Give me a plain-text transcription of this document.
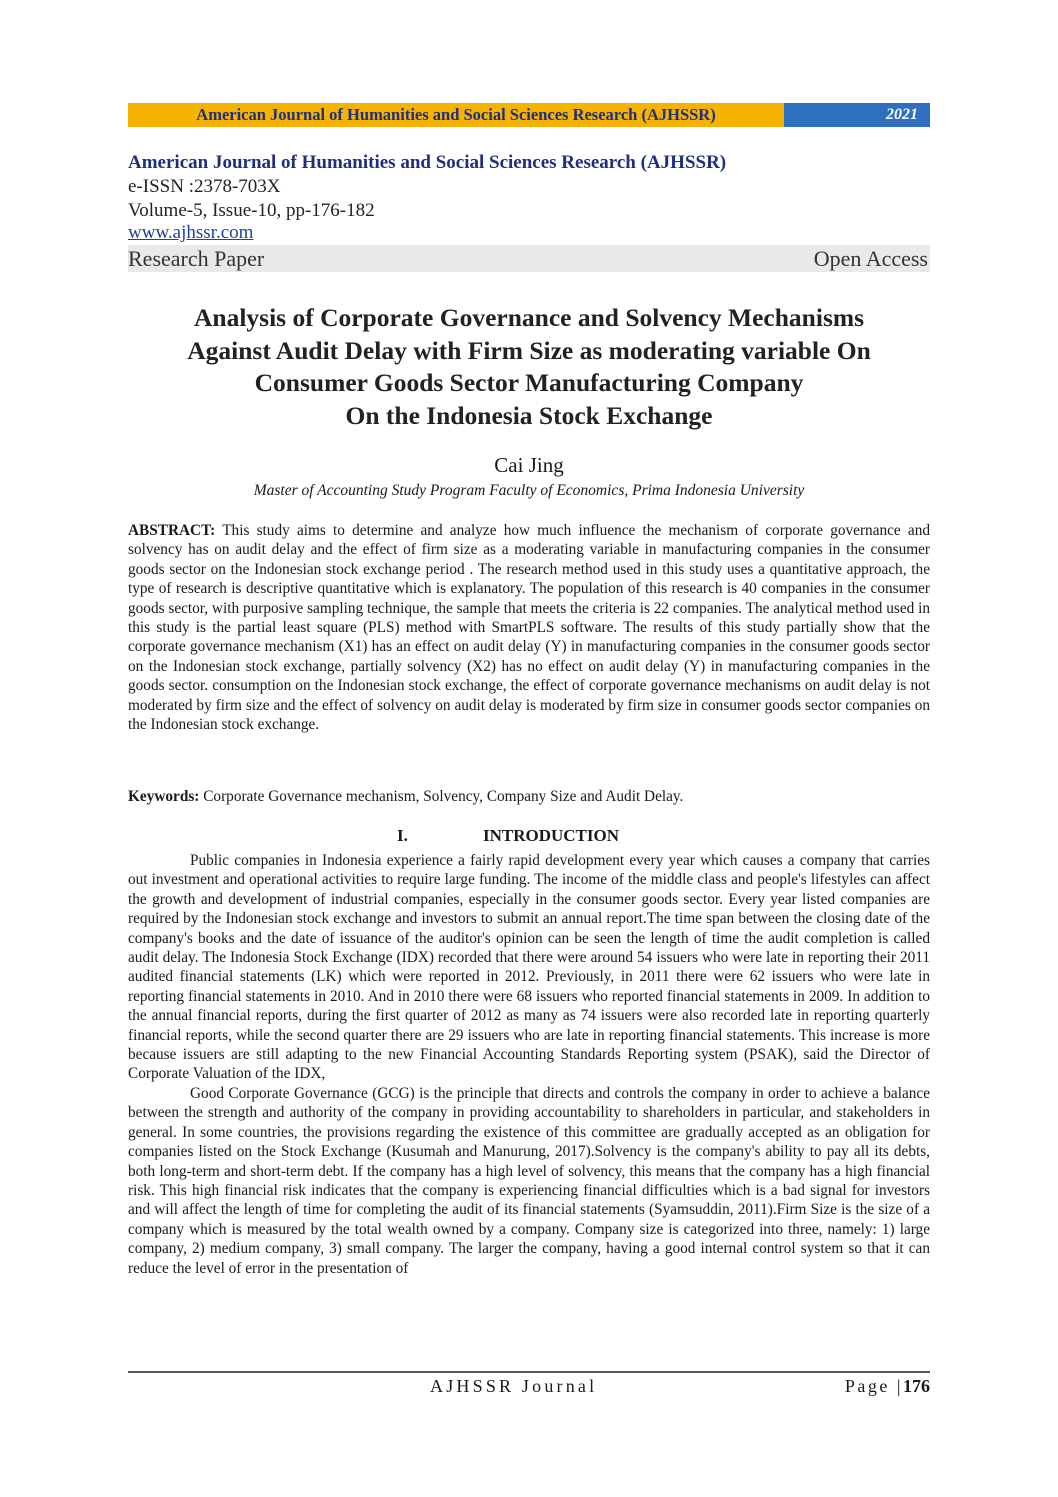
American Journal of Humanities and Social Sciences Research (AJHSSR)	2021
American Journal of Humanities and Social Sciences Research (AJHSSR)
e-ISSN :2378-703X
Volume-5, Issue-10, pp-176-182
www.ajhssr.com
Research Paper	Open Access
Analysis of Corporate Governance and Solvency Mechanisms
Against Audit Delay with Firm Size as moderating variable On
Consumer Goods Sector Manufacturing Company
On the Indonesia Stock Exchange
Cai Jing
Master of Accounting Study Program Faculty of Economics, Prima Indonesia University
ABSTRACT: This study aims to determine and analyze how much influence the mechanism of corporate governance and solvency has on audit delay and the effect of firm size as a moderating variable in manufacturing companies in the consumer goods sector on the Indonesian stock exchange period . The research method used in this study uses a quantitative approach, the type of research is descriptive quantitative which is explanatory. The population of this research is 40 companies in the consumer goods sector, with purposive sampling technique, the sample that meets the criteria is 22 companies. The analytical method used in this study is the partial least square (PLS) method with SmartPLS software. The results of this study partially show that the corporate governance mechanism (X1) has an effect on audit delay (Y) in manufacturing companies in the consumer goods sector on the Indonesian stock exchange, partially solvency (X2) has no effect on audit delay (Y) in manufacturing companies in the goods sector. consumption on the Indonesian stock exchange, the effect of corporate governance mechanisms on audit delay is not moderated by firm size and the effect of solvency on audit delay is moderated by firm size in consumer goods sector companies on the Indonesian stock exchange.
Keywords: Corporate Governance mechanism, Solvency, Company Size and Audit Delay.
I.	INTRODUCTION

Public companies in Indonesia experience a fairly rapid development every year which causes a company that carries out investment and operational activities to require large funding. The income of the middle class and people's lifestyles can affect the growth and development of industrial companies, especially in the consumer goods sector. Every year listed companies are required by the Indonesian stock exchange and investors to submit an annual report.The time span between the closing date of the company's books and the date of issuance of the auditor's opinion can be seen the length of time the audit completion is called audit delay. The Indonesia Stock Exchange (IDX) recorded that there were around 54 issuers who were late in reporting their 2011 audited financial statements (LK) which were reported in 2012. Previously, in 2011 there were 62 issuers who were late in reporting financial statements in 2010. And in 2010 there were 68 issuers who reported financial statements in 2009. In addition to the annual financial reports, during the first quarter of 2012 as many as 74 issuers were also recorded late in reporting quarterly financial reports, while the second quarter there are 29 issuers who are late in reporting financial statements. This increase is more because issuers are still adapting to the new Financial Accounting Standards Reporting system (PSAK), said the Director of Corporate Valuation of the IDX,

Good Corporate Governance (GCG) is the principle that directs and controls the company in order to achieve a balance between the strength and authority of the company in providing accountability to shareholders in particular, and stakeholders in general. In some countries, the provisions regarding the existence of this committee are gradually accepted as an obligation for companies listed on the Stock Exchange (Kusumah and Manurung, 2017).Solvency is the company's ability to pay all its debts, both long-term and short-term debt. If the company has a high level of solvency, this means that the company has a high financial risk. This high financial risk indicates that the company is experiencing financial difficulties which is a bad signal for investors and will affect the length of time for completing the audit of its financial statements (Syamsuddin, 2011).Firm Size is the size of a company which is measured by the total wealth owned by a company. Company size is categorized into three, namely: 1) large company, 2) medium company, 3) small company. The larger the company, having a good internal control system so that it can reduce the level of error in the presentation of

AJHSSR Journal	Page |176
